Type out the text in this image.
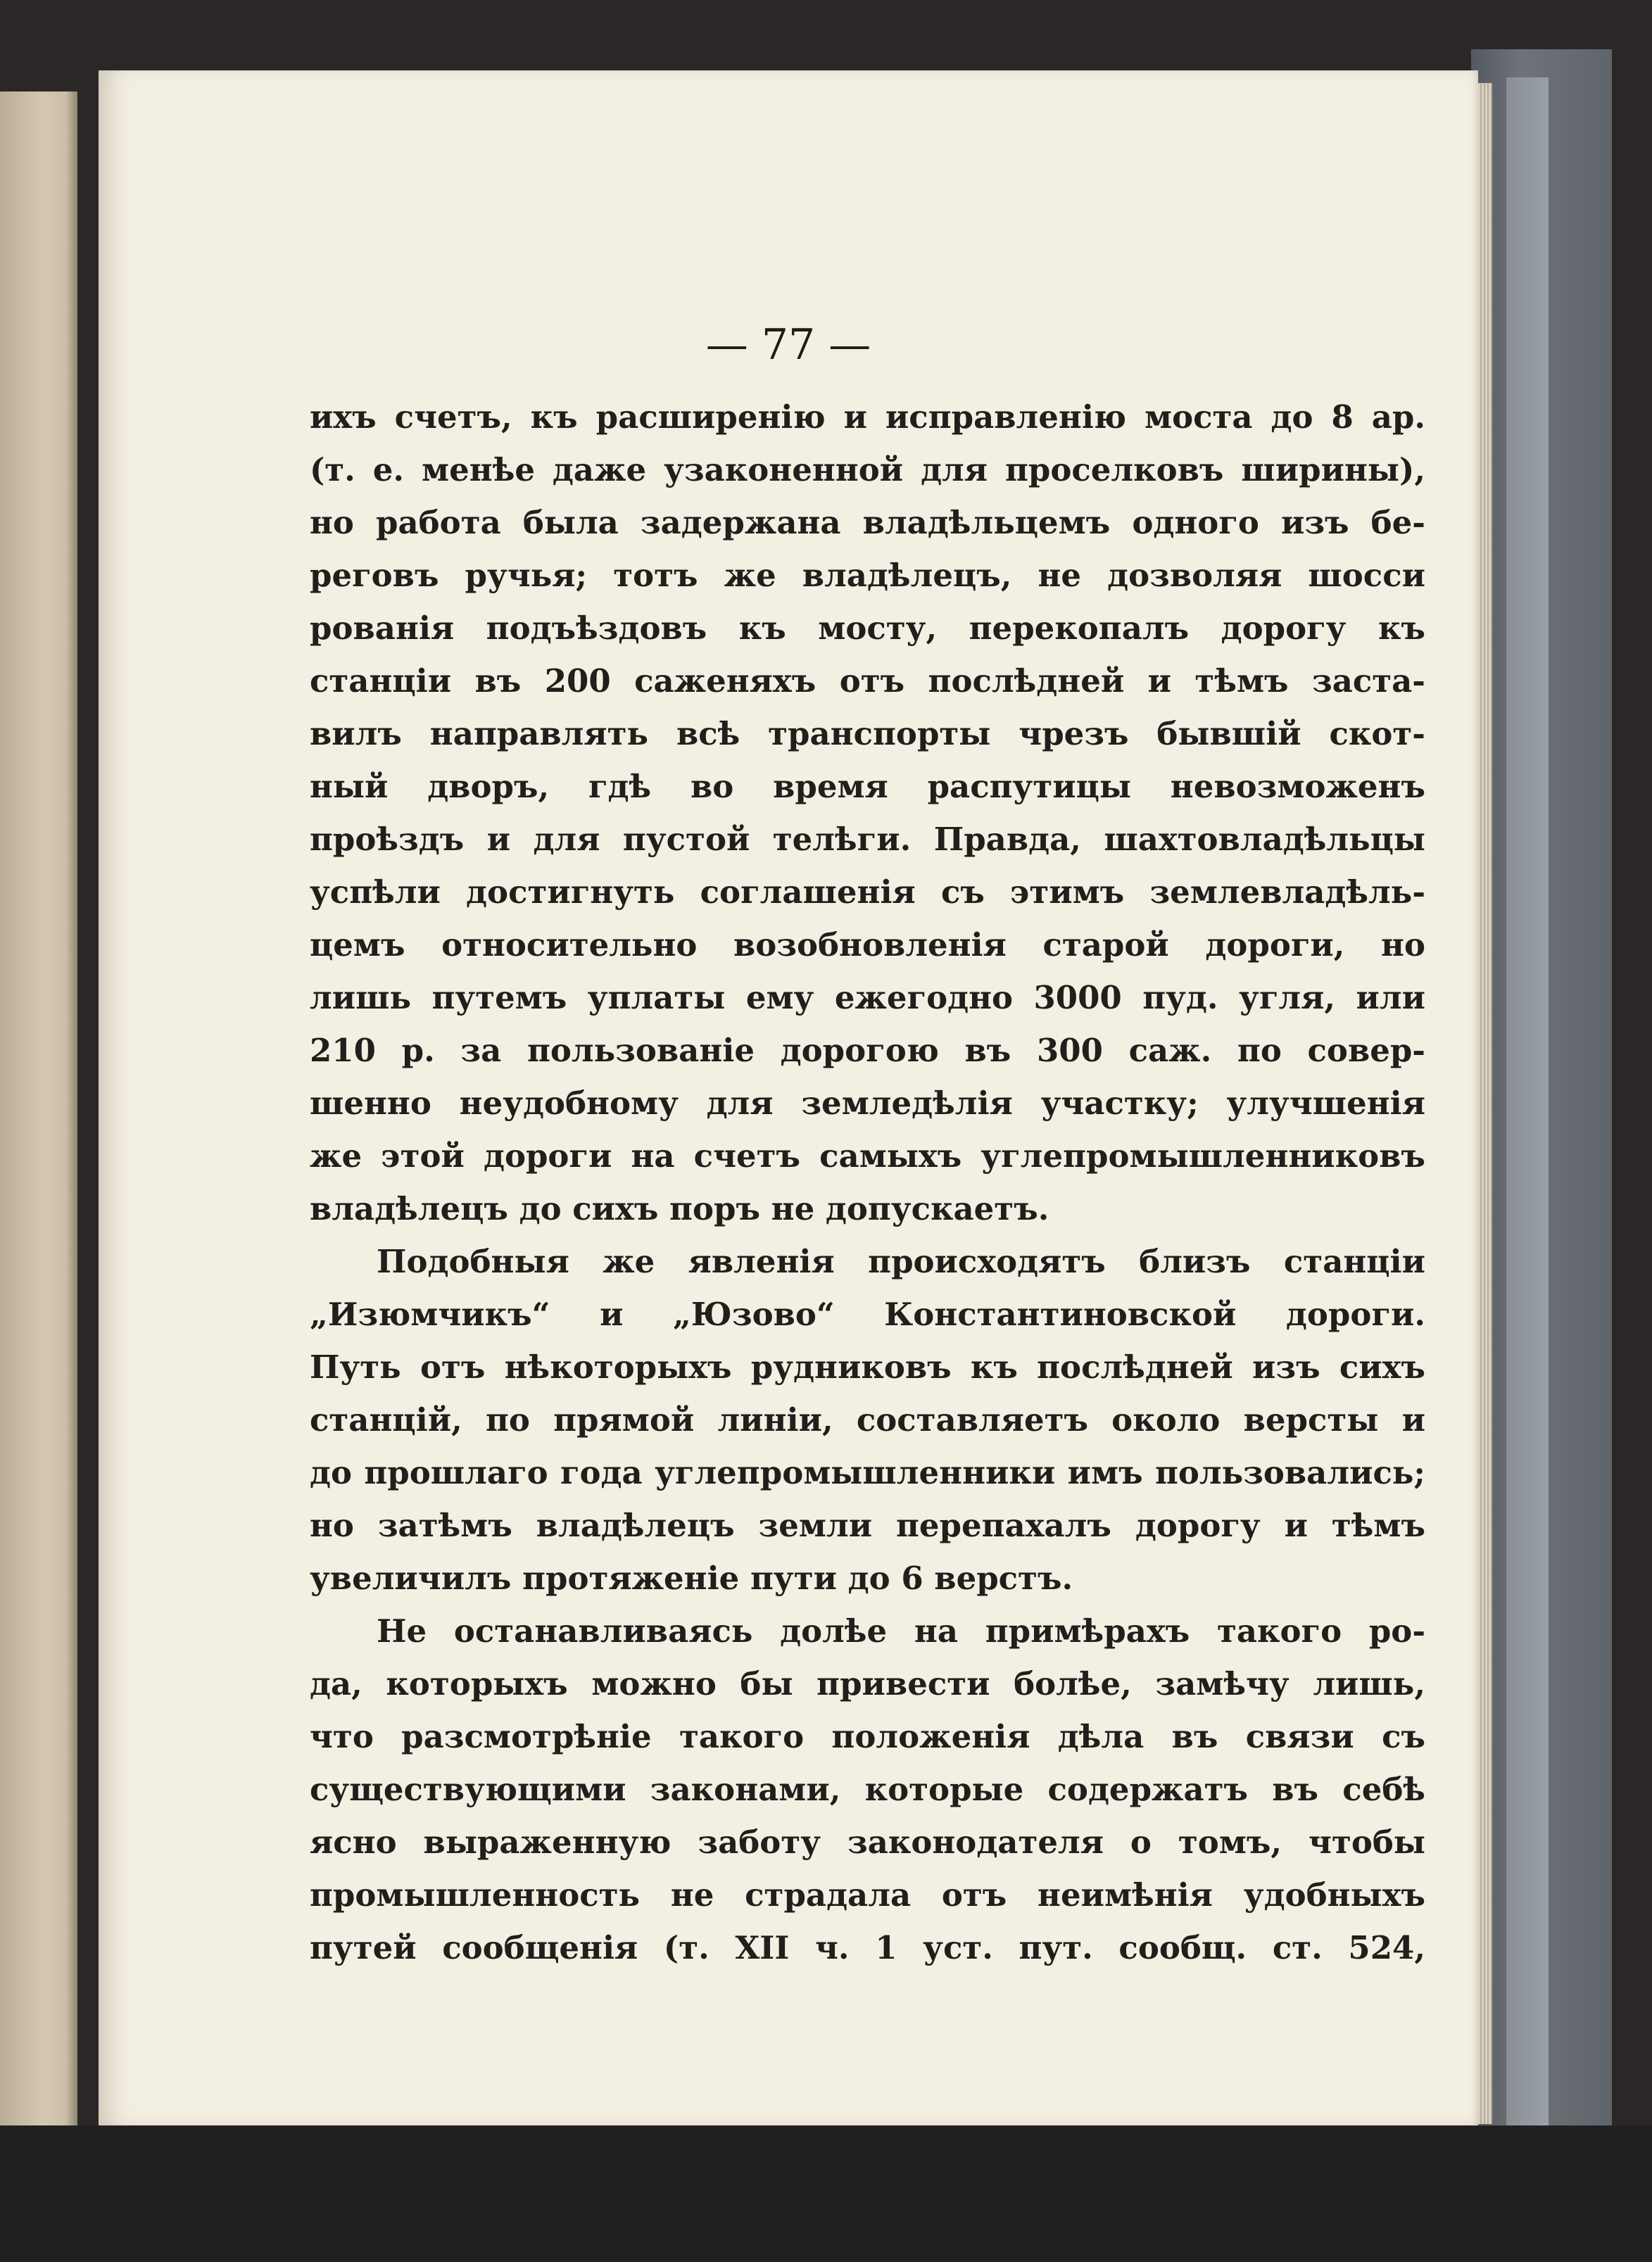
— 77 —
ихъ счетъ, къ расширенію и исправленію моста до 8 ар.
(т. е. менѣе даже узаконенной для проселковъ ширины),
но работа была задержана владѣльцемъ одного изъ бе-
реговъ ручья; тотъ же владѣлецъ, не дозволяя шосси
рованія подъѣздовъ къ мосту, перекопалъ дорогу къ
станціи въ 200 саженяхъ отъ послѣдней и тѣмъ заста-
вилъ направлять всѣ транспорты чрезъ бывшій скот-
ный дворъ, гдѣ во время распутицы невозможенъ
проѣздъ и для пустой телѣги. Правда, шахтовладѣльцы
успѣли достигнуть соглашенія съ этимъ землевладѣль-
цемъ относительно возобновленія старой дороги, но
лишь путемъ уплаты ему ежегодно 3000 пуд. угля, или
210 р. за пользованіе дорогою въ 300 саж. по совер-
шенно неудобному для земледѣлія участку; улучшенія
же этой дороги на счетъ самыхъ углепромышленниковъ
владѣлецъ до сихъ поръ не допускаетъ.
Подобныя же явленія происходятъ близъ станціи
„Изюмчикъ“ и „Юзово“ Константиновской дороги.
Путь отъ нѣкоторыхъ рудниковъ къ послѣдней изъ сихъ
станцій, по прямой линіи, составляетъ около версты и
до прошлаго года углепромышленники имъ пользовались;
но затѣмъ владѣлецъ земли перепахалъ дорогу и тѣмъ
увеличилъ протяженіе пути до 6 верстъ.
Не останавливаясь долѣе на примѣрахъ такого ро-
да, которыхъ можно бы привести болѣе, замѣчу лишь,
что разсмотрѣніе такого положенія дѣла въ связи съ
существующими законами, которые содержатъ въ себѣ
ясно выраженную заботу законодателя о томъ, чтобы
промышленность не страдала отъ неимѣнія удобныхъ
путей сообщенія (т. XII ч. 1 уст. пут. сообщ. ст. 524,
